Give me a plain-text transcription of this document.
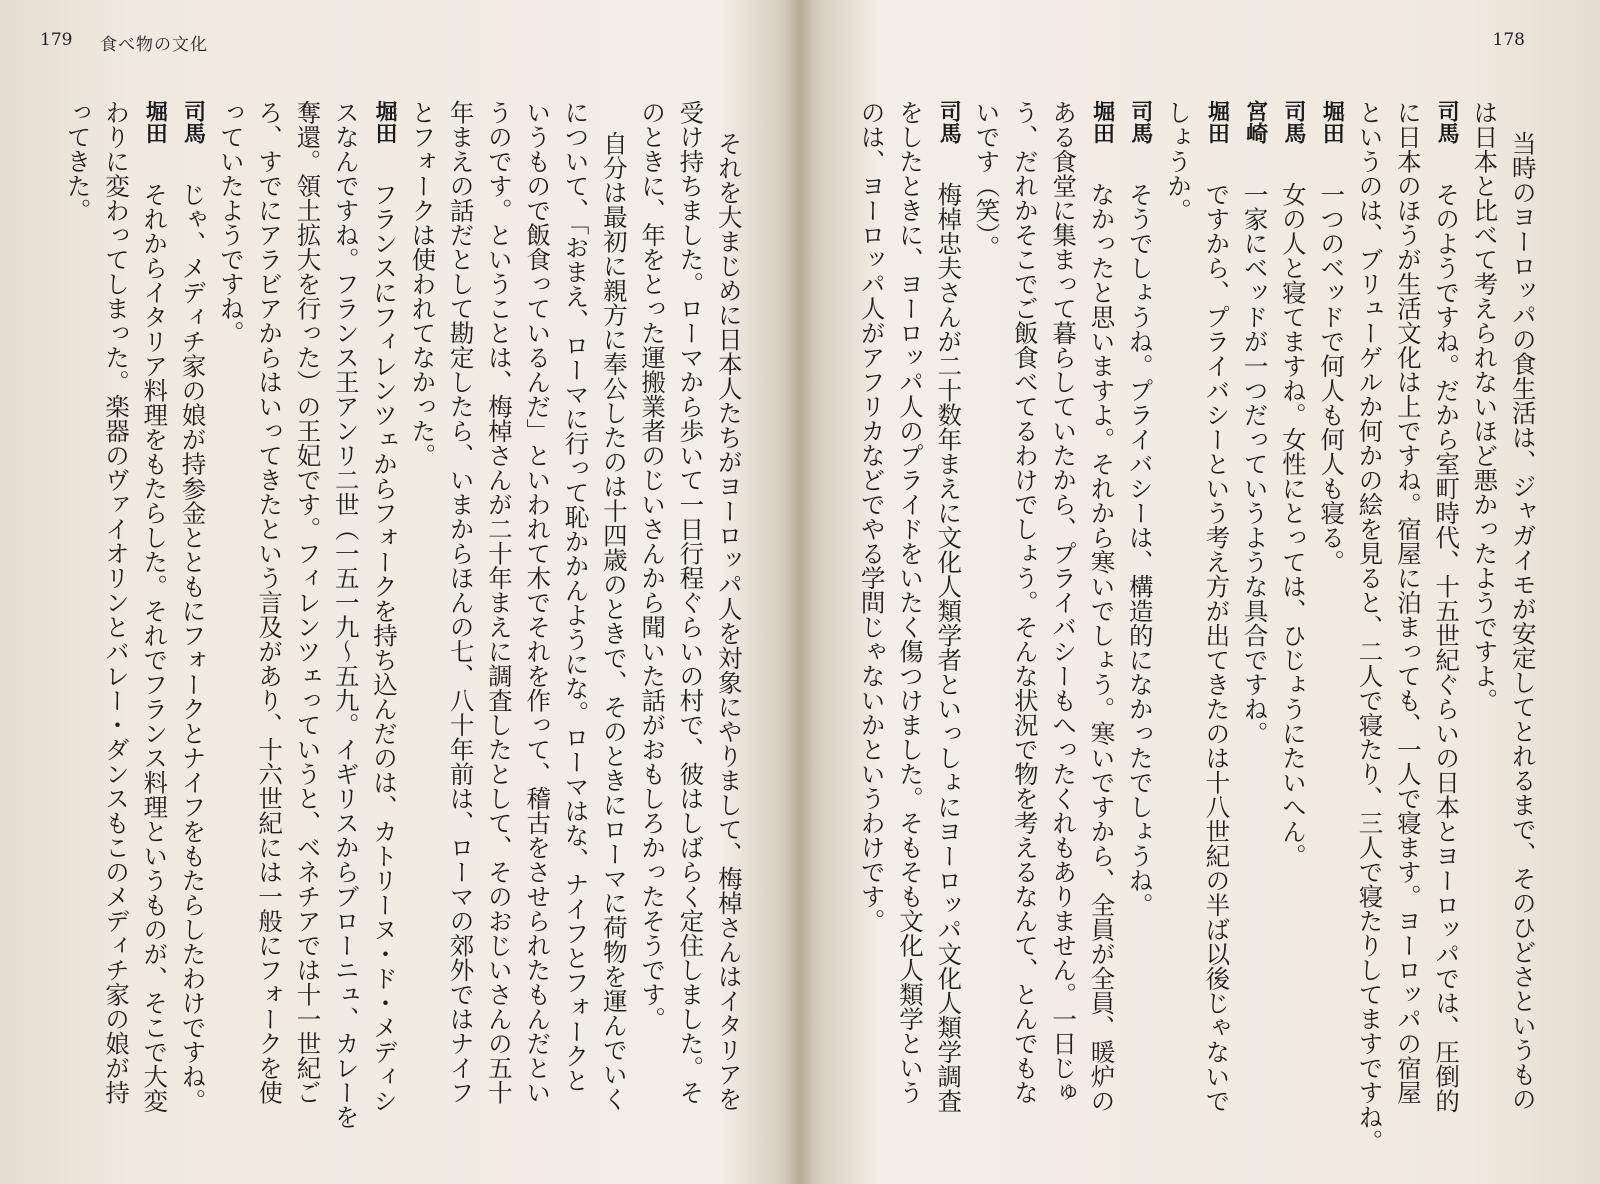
179 食べ物の文化
それを大まじめに日本人たちがヨーロッパ人を対象にやりまして、梅棹さんはイタリアを
受け持ちました。ローマから歩いて一日行程ぐらいの村で、彼はしばらく定住しました。そ
のときに、年をとった運搬業者のじいさんから聞いた話がおもしろかったそうです。
自分は最初に親方に奉公したのは十四歳のときで、そのときにローマに荷物を運んでいく
について、「おまえ、ローマに行って恥かかんようにな。ローマはな、ナイフとフォークと
いうもので飯食っているんだ」といわれて木でそれを作って、稽古をさせられたもんだとい
うのです。ということは、梅棹さんが二十年まえに調査したとして、そのおじいさんの五十
年まえの話だとして勘定したら、いまからほんの七、八十年前は、ローマの郊外ではナイフ
とフォークは使われてなかった。
堀田
フランスにフィレンツェからフォークを持ち込んだのは、カトリーヌ・ド・メディシ
スなんですね。フランス王アンリ二世（一五一九〜五九。イギリスからブローニュ、カレーを
奪還。領土拡大を行った）の王妃です。フィレンツェっていうと、ベネチアでは十一世紀ご
ろ、すでにアラビアからはいってきたという言及があり、十六世紀には一般にフォークを使
っていたようですね。
司馬
じゃ、メディチ家の娘が持参金とともにフォークとナイフをもたらしたわけですね。
堀田
それからイタリア料理をもたらした。それでフランス料理というものが、そこで大変
わりに変わってしまった。楽器のヴァイオリンとバレー・ダンスもこのメディチ家の娘が持
ってきた。
178
当時のヨーロッパの食生活は、ジャガイモが安定してとれるまで、そのひどさというもの
は日本と比べて考えられないほど悪かったようですよ。
司馬
そのようですね。だから室町時代、十五世紀ぐらいの日本とヨーロッパでは、圧倒的
に日本のほうが生活文化は上ですね。宿屋に泊まっても、一人で寝ます。ヨーロッパの宿屋
というのは、ブリューゲルか何かの絵を見ると、二人で寝たり、三人で寝たりしてますですね。
堀田
一つのベッドで何人も何人も寝る。
司馬
女の人と寝てますね。女性にとっては、ひじょうにたいへん。
宮崎
一家にベッドが一つだっていうような具合ですね。
堀田
ですから、プライバシーという考え方が出てきたのは十八世紀の半ば以後じゃないで
しょうか。
司馬
そうでしょうね。プライバシーは、構造的になかったでしょうね。
堀田
なかったと思いますよ。それから寒いでしょう。寒いですから、全員が全員、暖炉の
ある食堂に集まって暮らしていたから、プライバシーもへったくれもありません。一日じゅ
う、だれかそこでご飯食べてるわけでしょう。そんな状況で物を考えるなんて、とんでもな
いです（笑）。
司馬
梅棹忠夫さんが二十数年まえに文化人類学者といっしょにヨーロッパ文化人類学調査
をしたときに、ヨーロッパ人のプライドをいたく傷つけました。そもそも文化人類学という
のは、ヨーロッパ人がアフリカなどでやる学問じゃないかというわけです。
